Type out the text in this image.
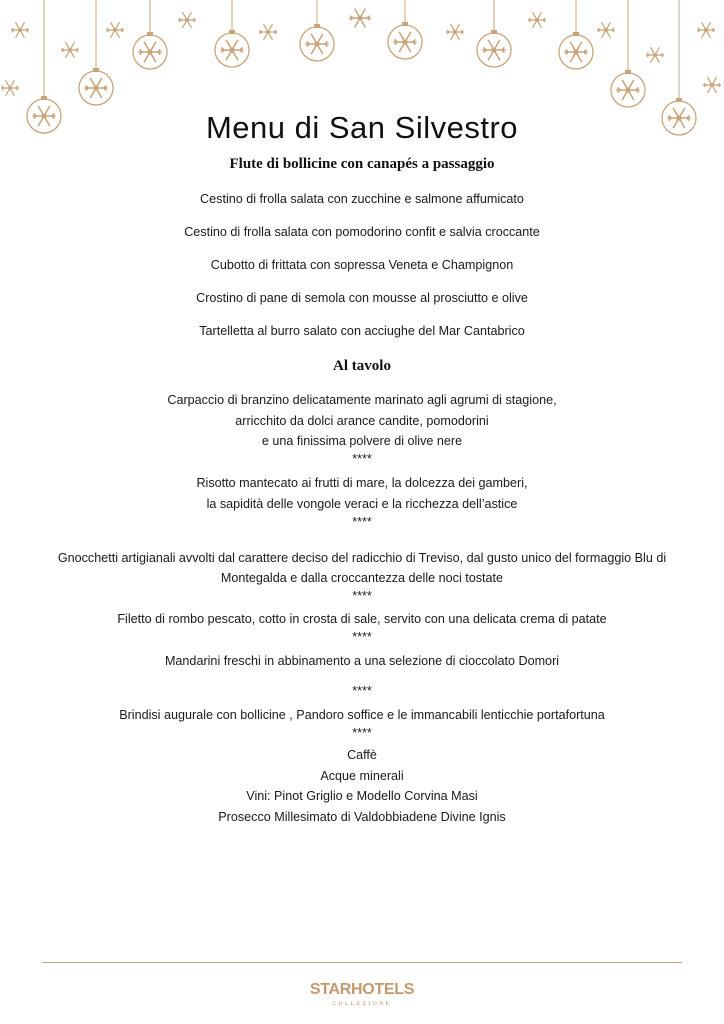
Menu di San Silvestro
Flute di bollicine con canapés a passaggio
Cestino di frolla salata con zucchine e salmone affumicato
Cestino di frolla salata con pomodorino confit e salvia croccante
Cubotto di frittata con sopressa Veneta e Champignon
Crostino di pane di semola con mousse al prosciutto e olive
Tartelletta al burro salato con acciughe del Mar Cantabrico
Al tavolo
Carpaccio di branzino delicatamente marinato agli agrumi di stagione,
arricchito da dolci arance candite, pomodorini
e una finissima polvere di olive nere
****
Risotto mantecato ai frutti di mare, la dolcezza dei gamberi,
la sapidità delle vongole veraci e la ricchezza dell’astice
****
Gnocchetti artigianali avvolti dal carattere deciso del radicchio di Treviso, dal gusto unico del formaggio Blu di
Montegalda e dalla croccantezza delle noci tostate
****
Filetto di rombo pescato, cotto in crosta di sale, servito con una delicata crema di patate
****
Mandarini freschi in abbinamento a una selezione di cioccolato Domori
****
Brindisi augurale con bollicine , Pandoro soffice e le immancabili lenticchie portafortuna
****
Caffè
Acque minerali
Vini: Pinot Griglio e Modello Corvina Masi
Prosecco Millesimato di Valdobbiadene Divine Ignis
STARHOTELS
COLLEZIONE
